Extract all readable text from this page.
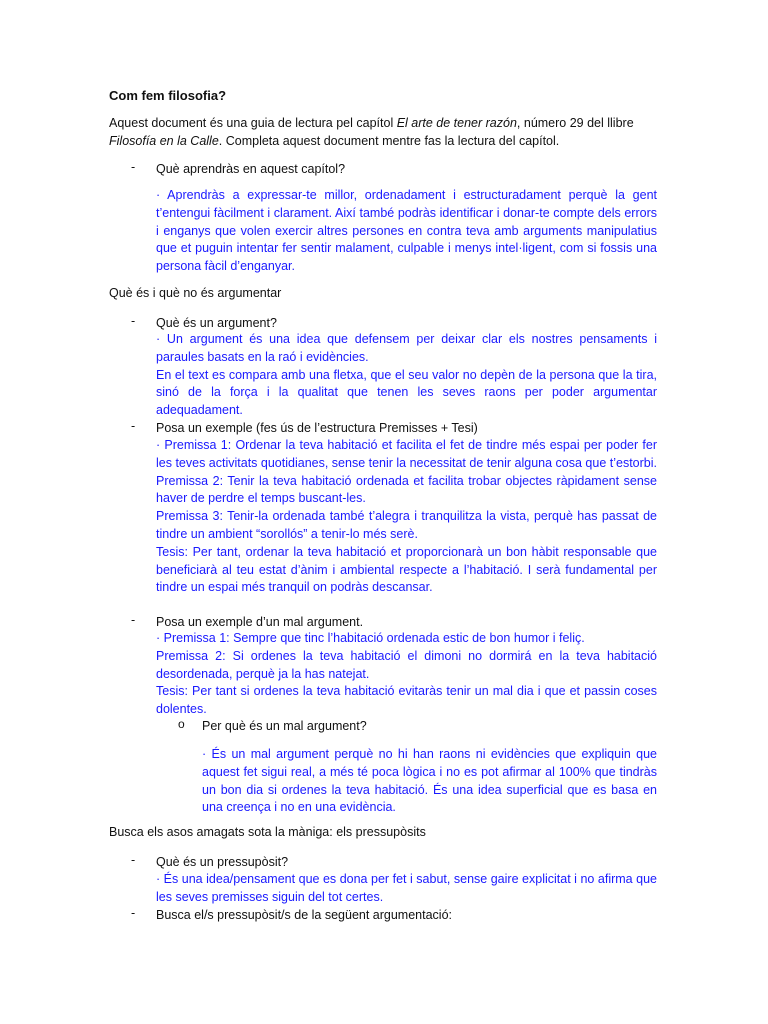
Com fem filosofia?
Aquest document és una guia de lectura pel capítol El arte de tener razón, número 29 del llibre Filosofía en la Calle. Completa aquest document mentre fas la lectura del capítol.
- Què aprendràs en aquest capítol?

· Aprendràs a expressar-te millor, ordenadament i estructuradament perquè la gent t’entengui fàcilment i clarament. Així també podràs identificar i donar-te compte dels errors i enganys que volen exercir altres persones en contra teva amb arguments manipulatius que et puguin intentar fer sentir malament, culpable i menys intel·ligent, com si fossis una persona fàcil d’enganyar.

Què és i què no és argumentar
- Què és un argument?

· Un argument és una idea que defensem per deixar clar els nostres pensaments i paraules basats en la raó i evidències.

En el text es compara amb una fletxa, que el seu valor no depèn de la persona que la tira, sinó de la força i la qualitat que tenen les seves raons per poder argumentar adequadament.

- Posa un exemple (fes ús de l’estructura Premisses + Tesi)

· Premissa 1: Ordenar la teva habitació et facilita el fet de tindre més espai per poder fer les teves activitats quotidianes, sense tenir la necessitat de tenir alguna cosa que t’estorbi.

Premissa 2: Tenir la teva habitació ordenada et facilita trobar objectes ràpidament sense haver de perdre el temps buscant-les.

Premissa 3: Tenir-la ordenada també t’alegra i tranquilitza la vista, perquè has passat de tindre un ambient “sorollós” a tenir-lo més serè.

Tesis: Per tant, ordenar la teva habitació et proporcionarà un bon hàbit responsable que beneficiarà al teu estat d’ànim i ambiental respecte a l’habitació. I serà fundamental per tindre un espai més tranquil on podràs descansar.

- Posa un exemple d’un mal argument.

· Premissa 1: Sempre que tinc l’habitació ordenada estic de bon humor i feliç.

Premissa 2: Si ordenes la teva habitació el dimoni no dormirá en la teva habitació desordenada, perquè ja la has natejat.

Tesis: Per tant si ordenes la teva habitació evitaràs tenir un mal dia i que et passin coses dolentes.

o Per què és un mal argument?

· És un mal argument perquè no hi han raons ni evidències que expliquin que aquest fet sigui real, a més té poca lògica i no es pot afirmar al 100% que tindràs un bon dia si ordenes la teva habitació. És una idea superficial que es basa en una creença i no en una evidència.

Busca els asos amagats sota la màniga: els pressupòsits
- Què és un pressupòsit?

· És una idea/pensament que es dona per fet i sabut, sense gaire explicitat i no afirma que les seves premisses siguin del tot certes.

- Busca el/s pressupòsit/s de la següent argumentació:
